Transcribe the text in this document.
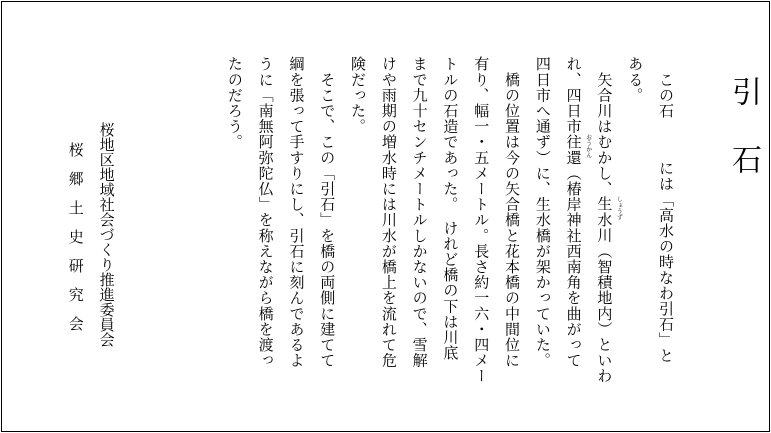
引石

　この石には「高水の時なわ引石」と

ある。

　矢合川はむかし、生水川 しょうず
（智積地内）といわ

れ、四日市往還 おうかん
（椿岸神社西南角を曲がって

四日市へ通ず）に、生水橋が架かっていた。

　橋の位置は今の矢合橋と花本橋の中間位に

有り、幅一・五メートル。長さ約一六・四メー

トルの石造であった。　けれど橋の下は川底

まで九十センチメートルしかないので、雪解

けや雨期の増水時には川水が橋上を流れて危

険だった。

　そこで、この「引石」を橋の両側に建てて

綱を張って手すりにし、引石に刻んであるよ

うに「南無阿弥陀仏」を称えながら橋を渡っ

たのだろう。

桜地区地域社会づくり推進委員会

桜郷土史研究会
